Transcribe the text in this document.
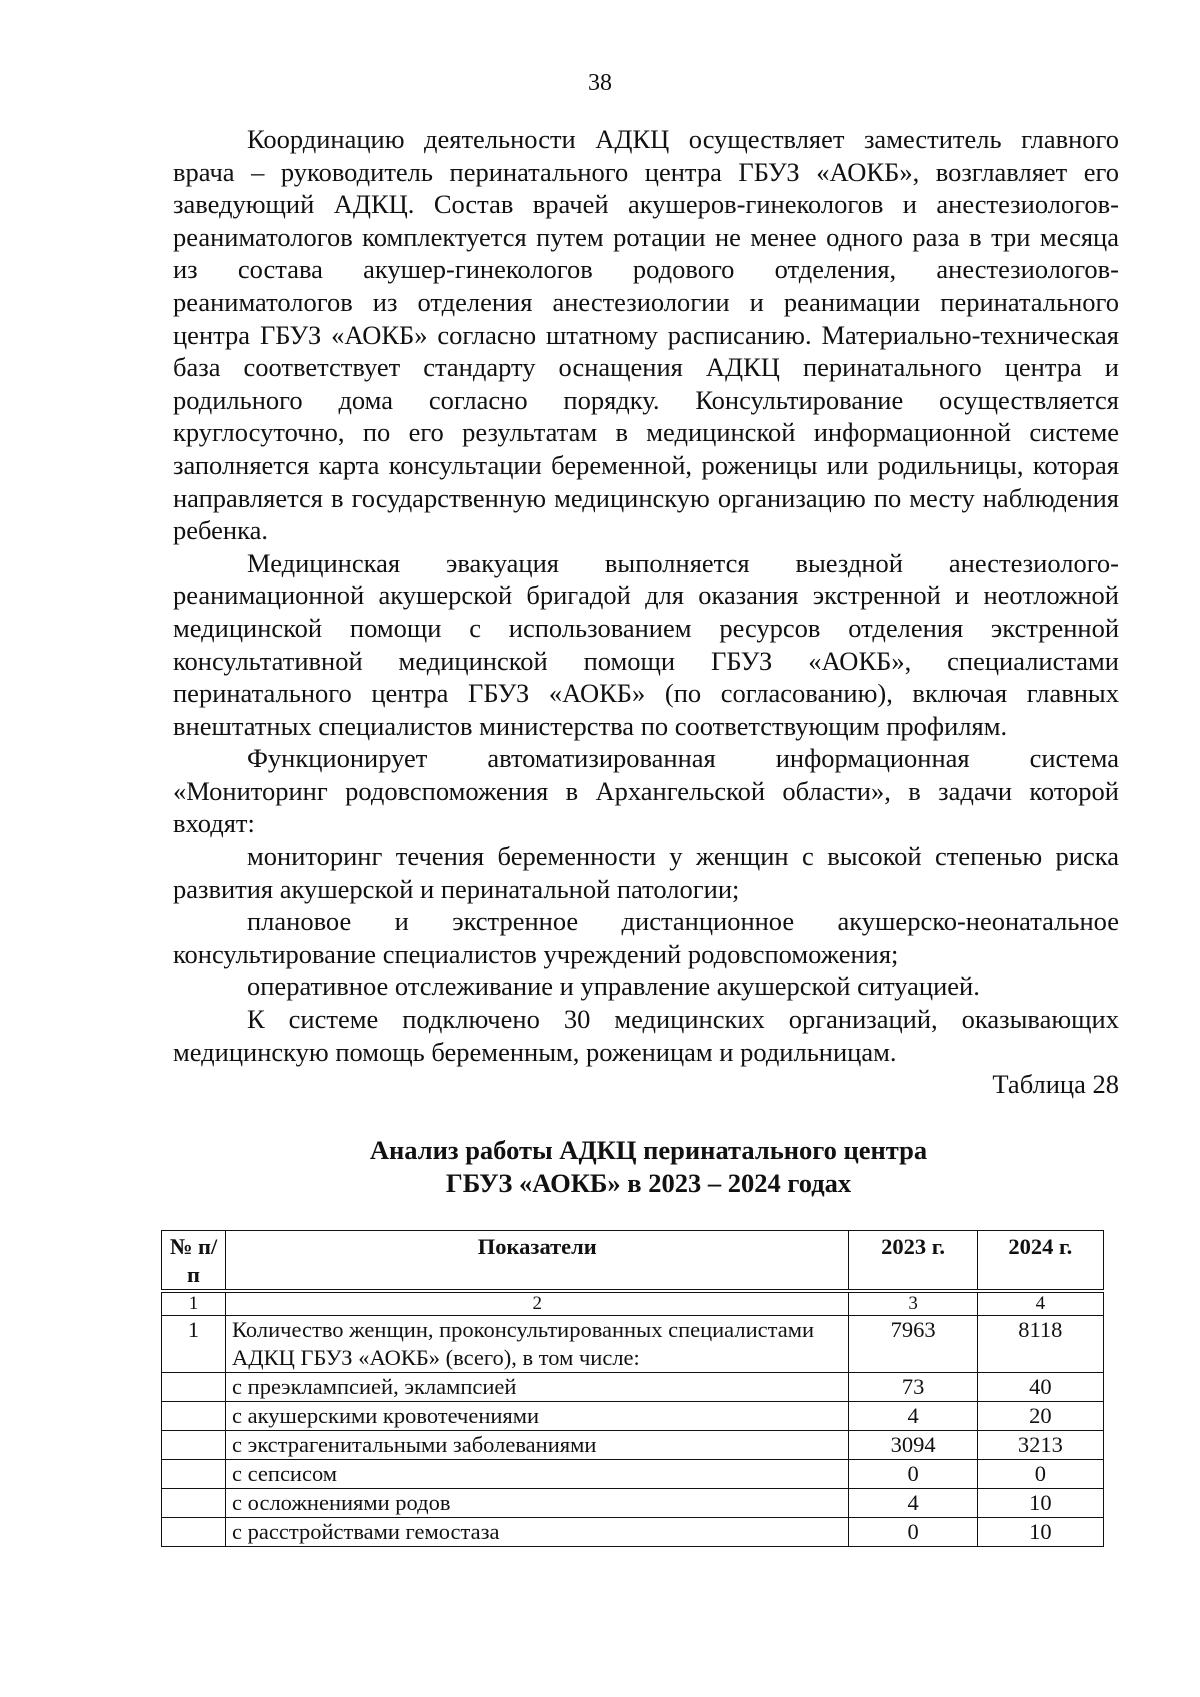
38

Координацию деятельности АДКЦ осуществляет заместитель главного врача – руководитель перинатального центра ГБУЗ «АОКБ», возглавляет его заведующий АДКЦ. Состав врачей акушеров-гинекологов и анестезиологов-реаниматологов комплектуется путем ротации не менее одного раза в три месяца из состава акушер-гинекологов родового отделения, анестезиологов-реаниматологов из отделения анестезиологии и реанимации перинатального центра ГБУЗ «АОКБ» согласно штатному расписанию. Материально-техническая база соответствует стандарту оснащения АДКЦ перинатального центра и родильного дома согласно порядку. Консультирование осуществляется круглосуточно, по его результатам в медицинской информационной системе заполняется карта консультации беременной, роженицы или родильницы, которая направляется в государственную медицинскую организацию по месту наблюдения ребенка.

Медицинская эвакуация выполняется выездной анестезиолого-реанимационной акушерской бригадой для оказания экстренной и неотложной медицинской помощи с использованием ресурсов отделения экстренной консультативной медицинской помощи ГБУЗ «АОКБ», специалистами перинатального центра ГБУЗ «АОКБ» (по согласованию), включая главных внештатных специалистов министерства по соответствующим профилям.

Функционирует автоматизированная информационная система «Мониторинг родовспоможения в Архангельской области», в задачи которой входят:

мониторинг течения беременности у женщин с высокой степенью риска развития акушерской и перинатальной патологии;

плановое и экстренное дистанционное акушерско-неонатальное консультирование специалистов учреждений родовспоможения;

оперативное отслеживание и управление акушерской ситуацией.

К системе подключено 30 медицинских организаций, оказывающих медицинскую помощь беременным, роженицам и родильницам.

Таблица 28
Анализ работы АДКЦ перинатального центра
ГБУЗ «АОКБ» в 2023 – 2024 годах
№ п/п	Показатели	2023 г.	2024 г.
1	2	3	4
1	Количество женщин, проконсультированных специалистами АДКЦ ГБУЗ «АОКБ» (всего), в том числе:	7963	8118
	с преэклампсией, эклампсией	73	40
	с акушерскими кровотечениями	4	20
	с экстрагенитальными заболеваниями	3094	3213
	с сепсисом	0	0
	с осложнениями родов	4	10
	с расстройствами гемостаза	0	10
